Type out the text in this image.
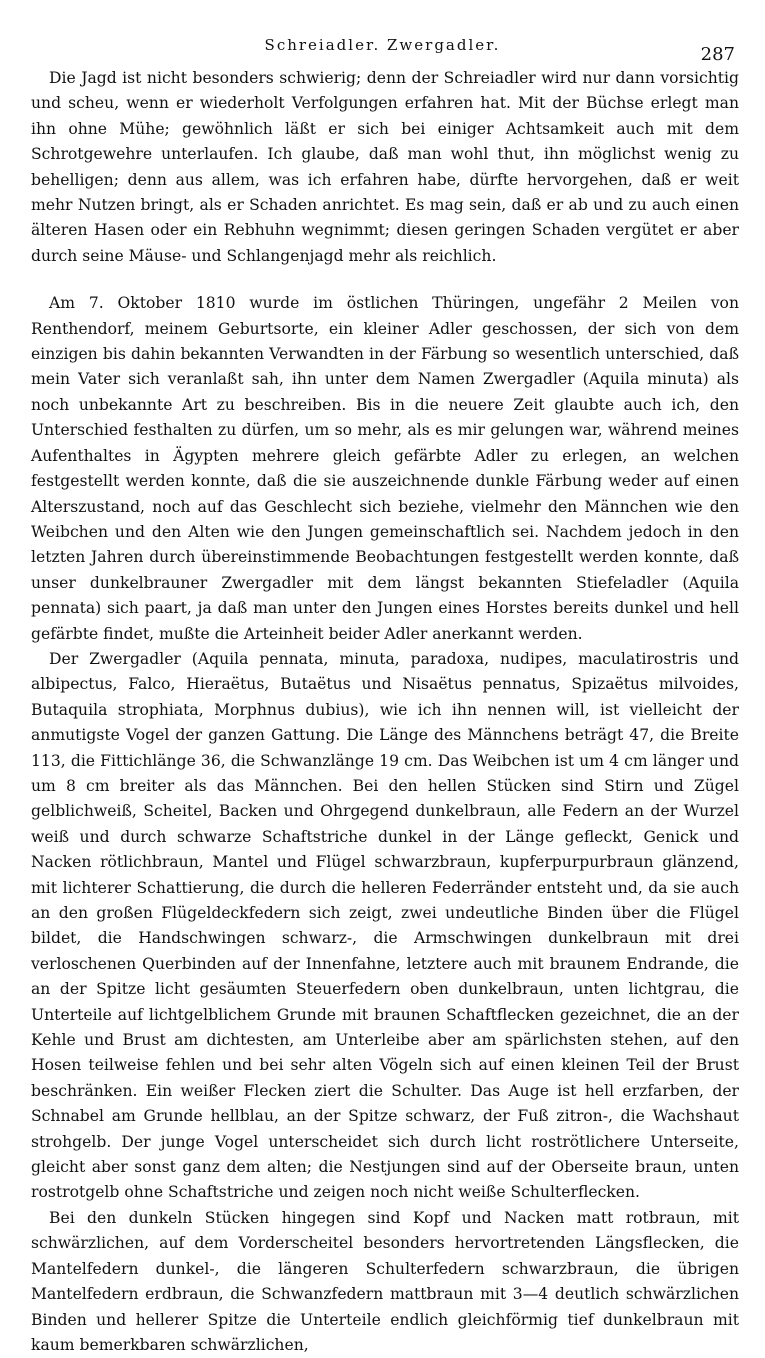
Schreiadler. Zwergadler.	287

Die Jagd ist nicht besonders schwierig; denn der Schreiadler wird nur dann vorsichtig und scheu, wenn er wiederholt Verfolgungen erfahren hat. Mit der Büchse erlegt man ihn ohne Mühe; gewöhnlich läßt er sich bei einiger Achtsamkeit auch mit dem Schrotgewehre unterlaufen. Ich glaube, daß man wohl thut, ihn möglichst wenig zu behelligen; denn aus allem, was ich erfahren habe, dürfte hervorgehen, daß er weit mehr Nutzen bringt, als er Schaden anrichtet. Es mag sein, daß er ab und zu auch einen älteren Hasen oder ein Rebhuhn wegnimmt; diesen geringen Schaden vergütet er aber durch seine Mäuse- und Schlangenjagd mehr als reichlich.

Am 7. Oktober 1810 wurde im östlichen Thüringen, ungefähr 2 Meilen von Renthendorf, meinem Geburtsorte, ein kleiner Adler geschossen, der sich von dem einzigen bis dahin bekannten Verwandten in der Färbung so wesentlich unterschied, daß mein Vater sich veranlaßt sah, ihn unter dem Namen Zwergadler (Aquila minuta) als noch unbekannte Art zu beschreiben. Bis in die neuere Zeit glaubte auch ich, den Unterschied festhalten zu dürfen, um so mehr, als es mir gelungen war, während meines Aufenthaltes in Ägypten mehrere gleich gefärbte Adler zu erlegen, an welchen festgestellt werden konnte, daß die sie auszeichnende dunkle Färbung weder auf einen Alterszustand, noch auf das Geschlecht sich beziehe, vielmehr den Männchen wie den Weibchen und den Alten wie den Jungen gemeinschaftlich sei. Nachdem jedoch in den letzten Jahren durch übereinstimmende Beobachtungen festgestellt werden konnte, daß unser dunkelbrauner Zwergadler mit dem längst bekannten Stiefeladler (Aquila pennata) sich paart, ja daß man unter den Jungen eines Horstes bereits dunkel und hell gefärbte findet, mußte die Arteinheit beider Adler anerkannt werden.

Der Zwergadler (Aquila pennata, minuta, paradoxa, nudipes, maculatirostris und albipectus, Falco, Hieraëtus, Butaëtus und Nisaëtus pennatus, Spizaëtus milvoides, Butaquila strophiata, Morphnus dubius), wie ich ihn nennen will, ist vielleicht der anmutigste Vogel der ganzen Gattung. Die Länge des Männchens beträgt 47, die Breite 113, die Fittichlänge 36, die Schwanzlänge 19 cm. Das Weibchen ist um 4 cm länger und um 8 cm breiter als das Männchen. Bei den hellen Stücken sind Stirn und Zügel gelblichweiß, Scheitel, Backen und Ohrgegend dunkelbraun, alle Federn an der Wurzel weiß und durch schwarze Schaftstriche dunkel in der Länge gefleckt, Genick und Nacken rötlichbraun, Mantel und Flügel schwarzbraun, kupferpurpurbraun glänzend, mit lichterer Schattierung, die durch die helleren Federränder entsteht und, da sie auch an den großen Flügeldeckfedern sich zeigt, zwei undeutliche Binden über die Flügel bildet, die Handschwingen schwarz-, die Armschwingen dunkelbraun mit drei verloschenen Querbinden auf der Innenfahne, letztere auch mit braunem Endrande, die an der Spitze licht gesäumten Steuerfedern oben dunkelbraun, unten lichtgrau, die Unterteile auf lichtgelblichem Grunde mit braunen Schaftflecken gezeichnet, die an der Kehle und Brust am dichtesten, am Unterleibe aber am spärlichsten stehen, auf den Hosen teilweise fehlen und bei sehr alten Vögeln sich auf einen kleinen Teil der Brust beschränken. Ein weißer Flecken ziert die Schulter. Das Auge ist hell erzfarben, der Schnabel am Grunde hellblau, an der Spitze schwarz, der Fuß zitron-, die Wachshaut strohgelb. Der junge Vogel unterscheidet sich durch licht roströtlichere Unterseite, gleicht aber sonst ganz dem alten; die Nestjungen sind auf der Oberseite braun, unten rostrotgelb ohne Schaftstriche und zeigen noch nicht weiße Schulterflecken.

Bei den dunkeln Stücken hingegen sind Kopf und Nacken matt rotbraun, mit schwärzlichen, auf dem Vorderscheitel besonders hervortretenden Längsflecken, die Mantelfedern dunkel-, die längeren Schulterfedern schwarzbraun, die übrigen Mantelfedern erdbraun, die Schwanzfedern mattbraun mit 3—4 deutlich schwärzlichen Binden und hellerer Spitze die Unterteile endlich gleichförmig tief dunkelbraun mit kaum bemerkbaren schwärzlichen,
